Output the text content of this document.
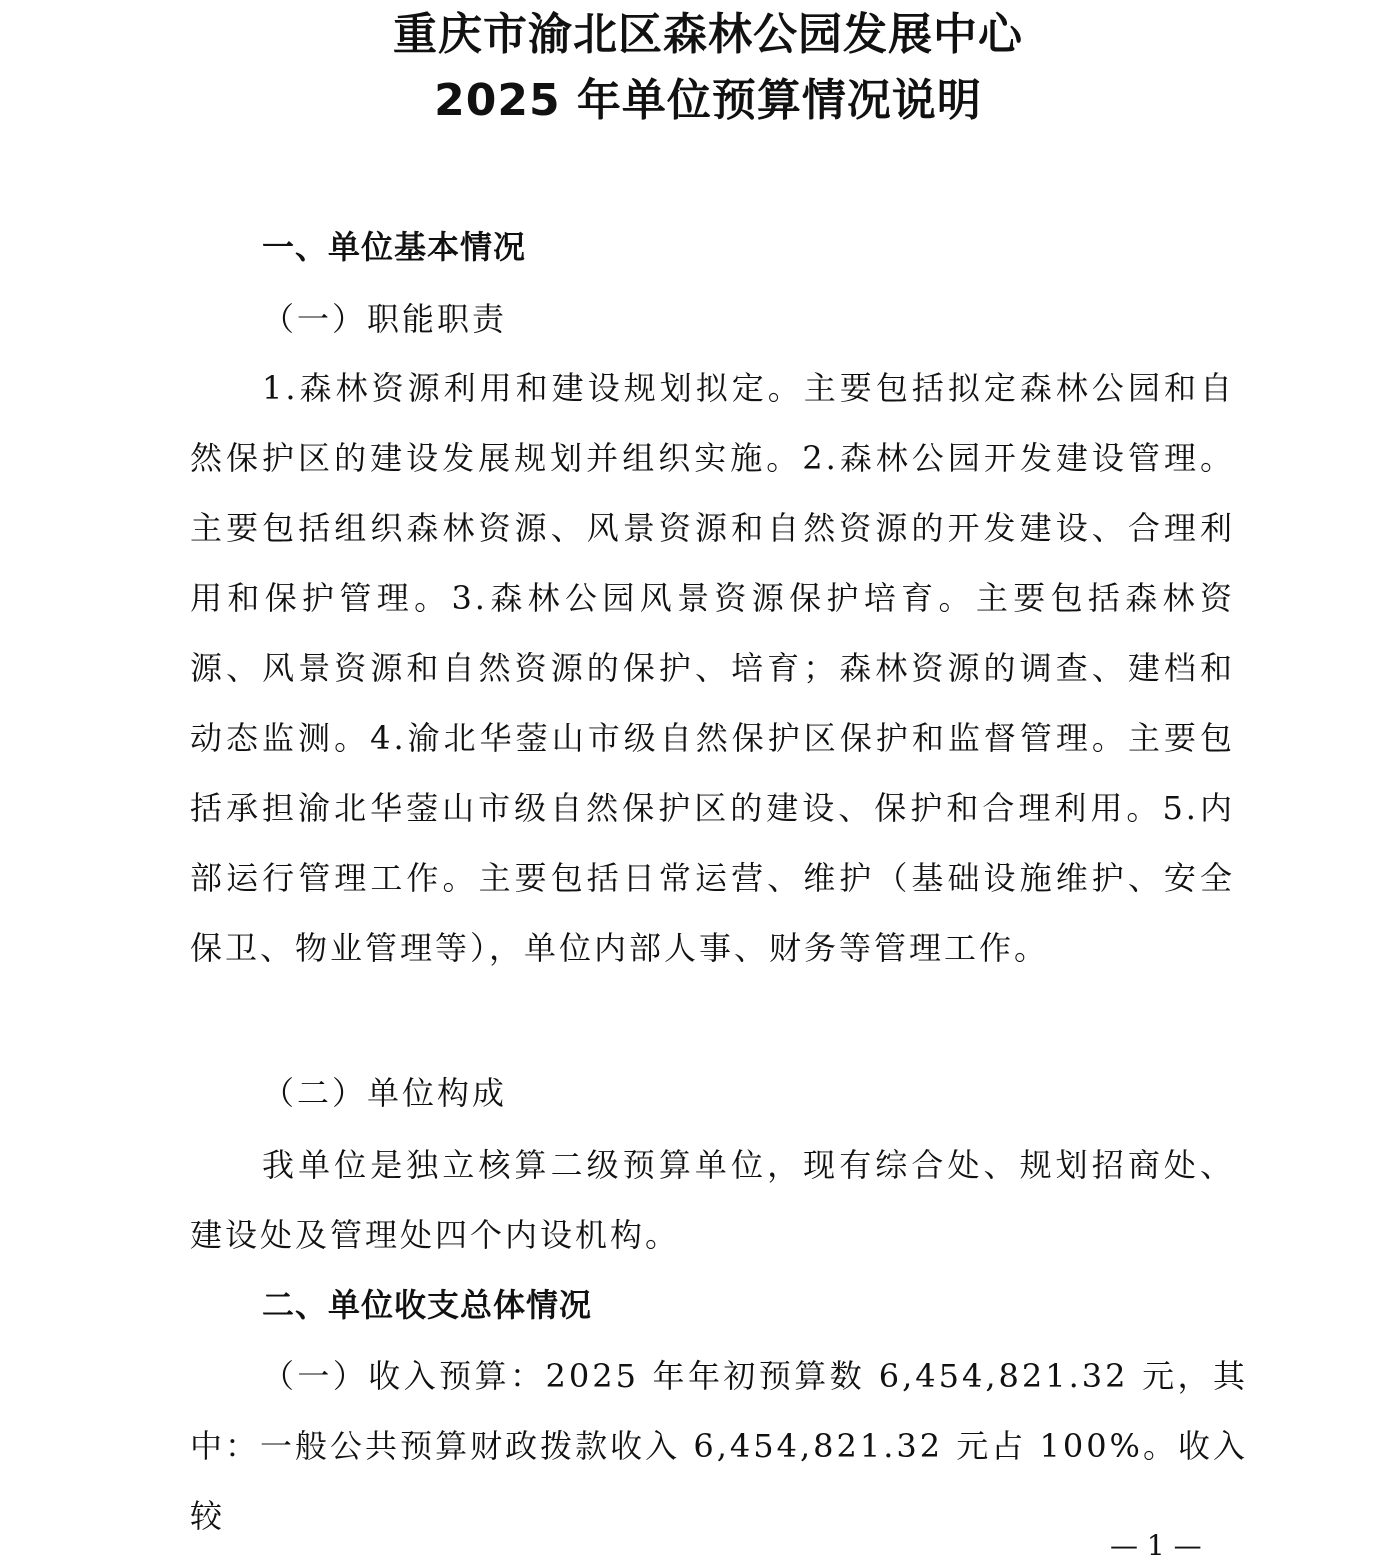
重庆市渝北区森林公园发展中心
2025 年单位预算情况说明

一、单位基本情况

（一）职能职责

1.森林资源利用和建设规划拟定。主要包括拟定森林公园和自然保护区的建设发展规划并组织实施。2.森林公园开发建设管理。主要包括组织森林资源、风景资源和自然资源的开发建设、合理利用和保护管理。3.森林公园风景资源保护培育。主要包括森林资源、风景资源和自然资源的保护、培育；森林资源的调查、建档和动态监测。4.渝北华蓥山市级自然保护区保护和监督管理。主要包括承担渝北华蓥山市级自然保护区的建设、保护和合理利用。5.内部运行管理工作。主要包括日常运营、维护（基础设施维护、安全保卫、物业管理等），单位内部人事、财务等管理工作。

（二）单位构成

我单位是独立核算二级预算单位，现有综合处、规划招商处、建设处及管理处四个内设机构。

二、单位收支总体情况

（一）收入预算：2025 年年初预算数 6,454,821.32 元，其中：一般公共预算财政拨款收入 6,454,821.32 元占 100%。收入较

— 1 —
